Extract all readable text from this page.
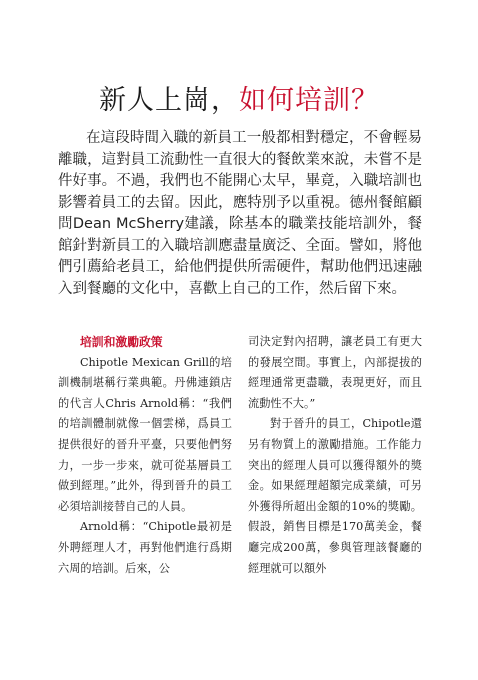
新人上崗，如何培訓？
在這段時間入職的新員工一般都相對穩定，不會輕易離職，這對員工流動性一直很大的餐飲業來說，未嘗不是件好事。不過，我們也不能開心太早，畢竟，入職培訓也影響着員工的去留。因此，應特別予以重視。德州餐館顧問Dean McSherry建議，除基本的職業技能培訓外，餐館針對新員工的入職培訓應盡量廣泛、全面。譬如，將他們引薦給老員工，給他們提供所需硬件，幫助他們迅速融入到餐廳的文化中，喜歡上自己的工作，然后留下來。
培訓和激勵政策

Chipotle Mexican Grill的培訓機制堪稱行業典範。丹佛連鎖店的代言人Chris Arnold稱：“我們的培訓體制就像一個雲梯，爲員工提供很好的晉升平臺，只要他們努力，一步一步來，就可從基層員工做到經理。”此外，得到晉升的員工必須培訓接替自己的人員。

Arnold稱：“Chipotle最初是外聘經理人才，再對他們進行爲期六周的培訓。后來，公

司決定對內招聘，讓老員工有更大的發展空間。事實上，內部提拔的經理通常更盡職，表現更好，而且流動性不大。”

對于晉升的員工，Chipotle還另有物質上的激勵措施。工作能力突出的經理人員可以獲得額外的獎金。如果經理超額完成業績，可另外獲得所超出金額的10%的獎勵。假設，銷售目標是170萬美金，餐廳完成200萬，參與管理該餐廳的經理就可以額外
